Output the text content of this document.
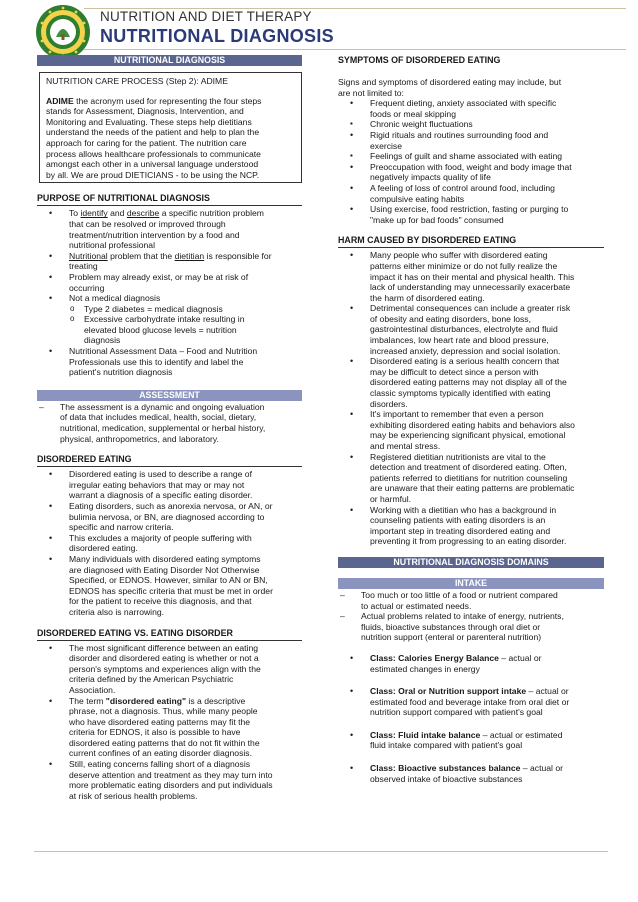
NUTRITION AND DIET THERAPY
NUTRITIONAL DIAGNOSIS
NUTRITIONAL DIAGNOSIS

NUTRITION CARE PROCESS (Step 2): ADIME

ADIME the acronym used for representing the four steps
stands for Assessment, Diagnosis, Intervention, and
Monitoring and Evaluating. These steps help dietitians
understand the needs of the patient and help to plan the
approach for caring for the patient. The nutrition care
process allows healthcare professionals to communicate
amongst each other in a universal language understood
by all. We are proud DIETICIANS - to be using the NCP.

PURPOSE OF NUTRITIONAL DIAGNOSIS
• To identify and describe a specific nutrition problem
that can be resolved or improved through
treatment/nutrition intervention by a food and
nutritional professional
• Nutritional problem that the dietitian is responsible for
treating
• Problem may already exist, or may be at risk of
occurring
• Not a medical diagnosis
o Type 2 diabetes = medical diagnosis
o Excessive carbohydrate intake resulting in
elevated blood glucose levels = nutrition
diagnosis
• Nutritional Assessment Data – Food and Nutrition
Professionals use this to identify and label the
patient's nutrition diagnosis
ASSESSMENT
– The assessment is a dynamic and ongoing evaluation
of data that includes medical, health, social, dietary,
nutritional, medication, supplemental or herbal history,
physical, anthropometrics, and laboratory.
DISORDERED EATING
• Disordered eating is used to describe a range of
irregular eating behaviors that may or may not
warrant a diagnosis of a specific eating disorder.
• Eating disorders, such as anorexia nervosa, or AN, or
bulimia nervosa, or BN, are diagnosed according to
specific and narrow criteria.
• This excludes a majority of people suffering with
disordered eating.
• Many individuals with disordered eating symptoms
are diagnosed with Eating Disorder Not Otherwise
Specified, or EDNOS. However, similar to AN or BN,
EDNOS has specific criteria that must be met in order
for the patient to receive this diagnosis, and that
criteria also is narrowing.
DISORDERED EATING VS. EATING DISORDER
• The most significant difference between an eating
disorder and disordered eating is whether or not a
person's symptoms and experiences align with the
criteria defined by the American Psychiatric
Association.
• The term "disordered eating" is a descriptive
phrase, not a diagnosis. Thus, while many people
who have disordered eating patterns may fit the
criteria for EDNOS, it also is possible to have
disordered eating patterns that do not fit within the
current confines of an eating disorder diagnosis.
• Still, eating concerns falling short of a diagnosis
deserve attention and treatment as they may turn into
more problematic eating disorders and put individuals
at risk of serious health problems.
SYMPTOMS OF DISORDERED EATING
Signs and symptoms of disordered eating may include, but
are not limited to:
• Frequent dieting, anxiety associated with specific
foods or meal skipping
▪ Chronic weight fluctuations
• Rigid rituals and routines surrounding food and
exercise
▪ Feelings of guilt and shame associated with eating
• Preoccupation with food, weight and body image that
negatively impacts quality of life
• A feeling of loss of control around food, including
compulsive eating habits
• Using exercise, food restriction, fasting or purging to
"make up for bad foods" consumed
HARM CAUSED BY DISORDERED EATING
• Many people who suffer with disordered eating
patterns either minimize or do not fully realize the
impact it has on their mental and physical health. This
lack of understanding may unnecessarily exacerbate
the harm of disordered eating.
• Detrimental consequences can include a greater risk
of obesity and eating disorders, bone loss,
gastrointestinal disturbances, electrolyte and fluid
imbalances, low heart rate and blood pressure,
increased anxiety, depression and social isolation.
• Disordered eating is a serious health concern that
may be difficult to detect since a person with
disordered eating patterns may not display all of the
classic symptoms typically identified with eating
disorders.
• It's important to remember that even a person
exhibiting disordered eating habits and behaviors also
may be experiencing significant physical, emotional
and mental stress.
• Registered dietitian nutritionists are vital to the
detection and treatment of disordered eating. Often,
patients referred to dietitians for nutrition counseling
are unaware that their eating patterns are problematic
or harmful.
• Working with a dietitian who has a background in
counseling patients with eating disorders is an
important step in treating disordered eating and
preventing it from progressing to an eating disorder.
NUTRITIONAL DIAGNOSIS DOMAINS
INTAKE
– Too much or too little of a food or nutrient compared
to actual or estimated needs.
– Actual problems related to intake of energy, nutrients,
fluids, bioactive substances through oral diet or
nutrition support (enteral or parenteral nutrition)
• Class: Calories Energy Balance – actual or
estimated changes in energy
• Class: Oral or Nutrition support intake – actual or
estimated food and beverage intake from oral diet or
nutrition support compared with patient's goal
• Class: Fluid intake balance – actual or estimated
fluid intake compared with patient's goal
• Class: Bioactive substances balance – actual or
observed intake of bioactive substances
